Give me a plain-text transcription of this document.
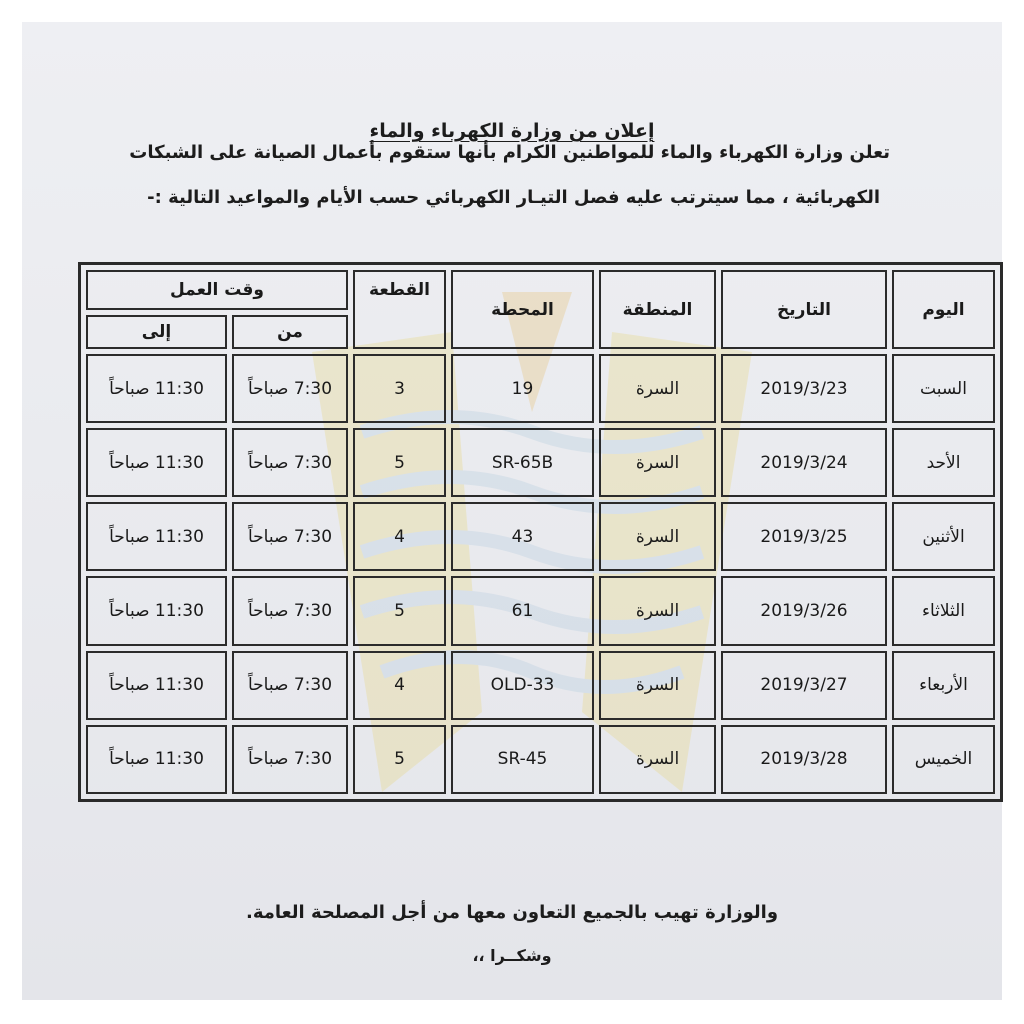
إعلان من وزارة الكهرباء والماء
تعلن وزارة الكهرباء والماء للمواطنين الكرام بأنها ستقوم بأعمال الصيانة على الشبكات
الكهربائية ، مما سيترتب عليه فصل التيـار الكهربائي حسب الأيام والمواعيد التالية :-
اليوم	التاريخ	المنطقة	المحطة	القطعة	وقت العمل	
					من	إلى
السبت	2019/3/23	السرة	19	3	7:30 صباحاً	11:30 صباحاً
الأحد	2019/3/24	السرة	SR-65B	5	7:30 صباحاً	11:30 صباحاً
الأثنين	2019/3/25	السرة	43	4	7:30 صباحاً	11:30 صباحاً
الثلاثاء	2019/3/26	السرة	61	5	7:30 صباحاً	11:30 صباحاً
الأربعاء	2019/3/27	السرة	33-OLD	4	7:30 صباحاً	11:30 صباحاً
الخميس	2019/3/28	السرة	SR-45	5	7:30 صباحاً	11:30 صباحاً
والوزارة تهيب بالجميع التعاون معها من أجل المصلحة العامة.
وشكــرا ،،
